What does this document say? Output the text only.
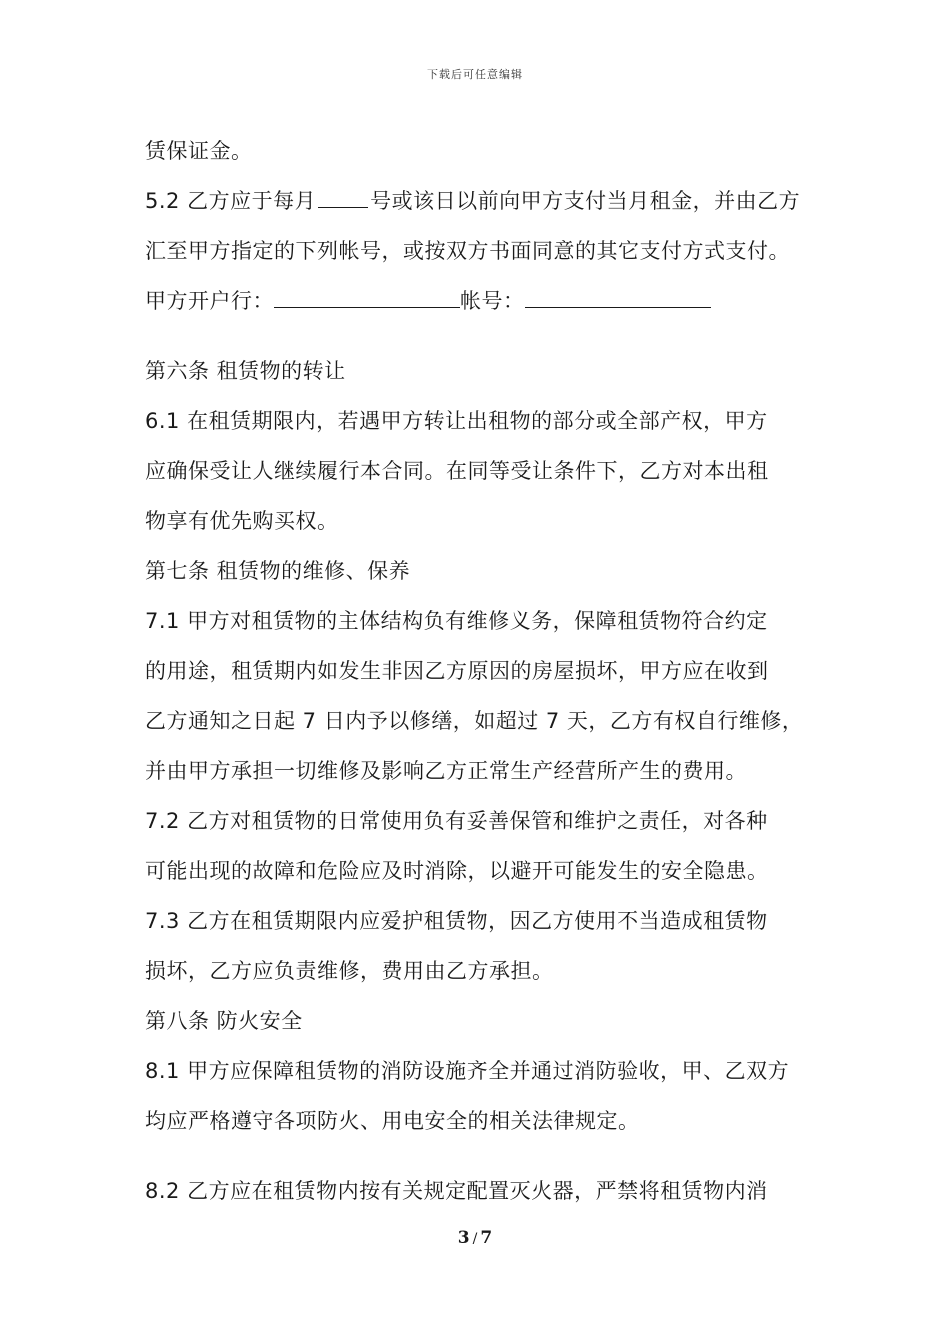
下载后可任意编辑
赁保证金。
5.2 乙方应于每月	号或该日以前向甲方支付当月租金，并由乙方
汇至甲方指定的下列帐号，或按双方书面同意的其它支付方式支付。
甲方开户行：	帐号：
第六条 租赁物的转让
6.1 在租赁期限内，若遇甲方转让出租物的部分或全部产权，甲方
应确保受让人继续履行本合同。在同等受让条件下，乙方对本出租
物享有优先购买权。
第七条 租赁物的维修、保养
7.1 甲方对租赁物的主体结构负有维修义务，保障租赁物符合约定
的用途，租赁期内如发生非因乙方原因的房屋损坏，甲方应在收到
乙方通知之日起 7 日内予以修缮，如超过 7 天，乙方有权自行维修，
并由甲方承担一切维修及影响乙方正常生产经营所产生的费用。
7.2 乙方对租赁物的日常使用负有妥善保管和维护之责任，对各种
可能出现的故障和危险应及时消除，以避开可能发生的安全隐患。
7.3 乙方在租赁期限内应爱护租赁物，因乙方使用不当造成租赁物
损坏，乙方应负责维修，费用由乙方承担。
第八条 防火安全
8.1 甲方应保障租赁物的消防设施齐全并通过消防验收，甲、乙双方
均应严格遵守各项防火、用电安全的相关法律规定。
8.2 乙方应在租赁物内按有关规定配置灭火器，严禁将租赁物内消
3 / 7
